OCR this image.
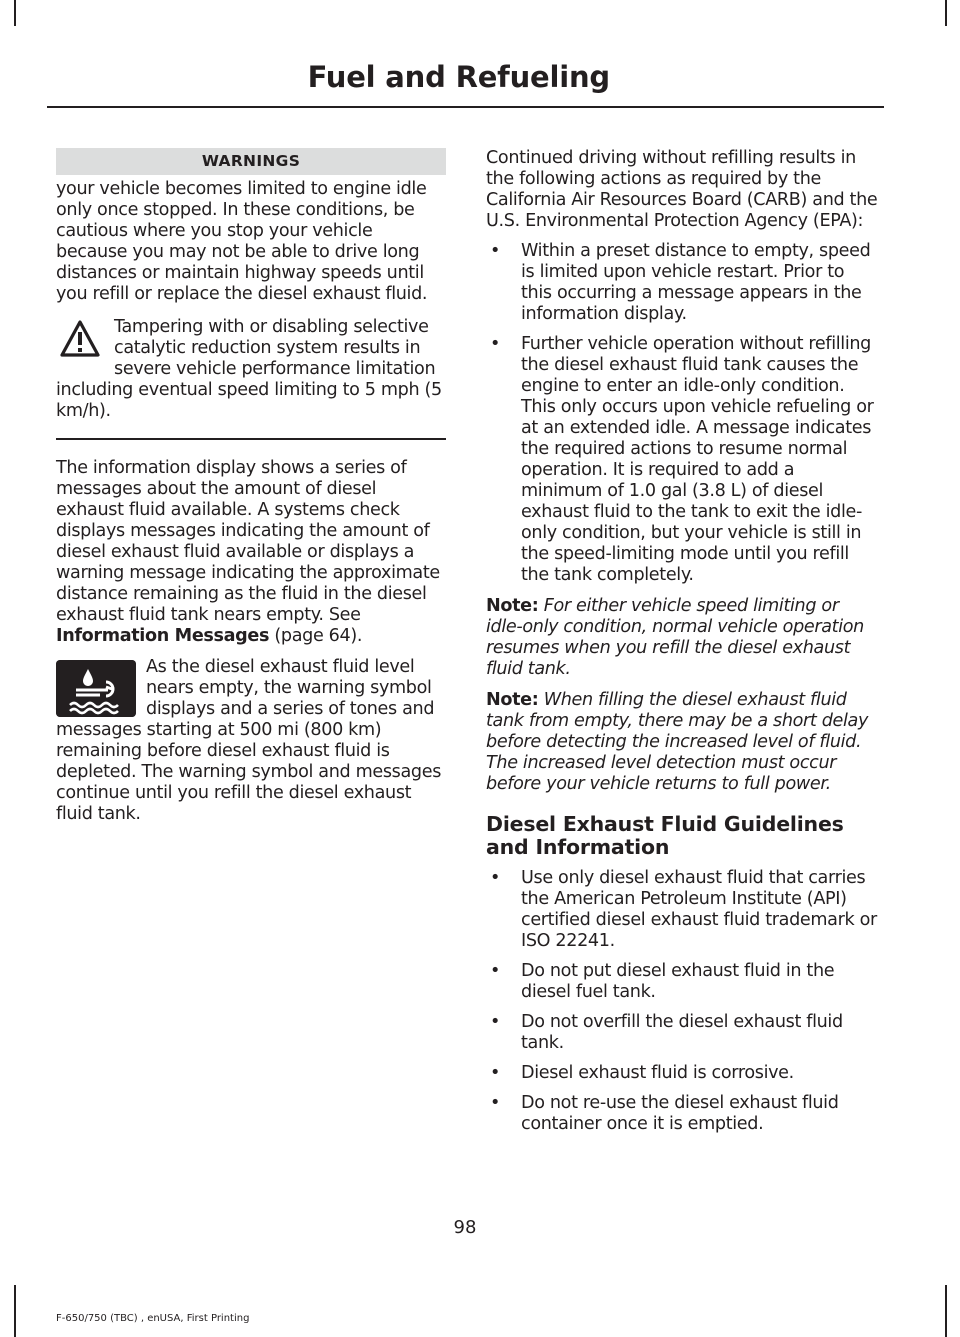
Fuel and Refueling
WARNINGS

your vehicle becomes limited to engine idle only once stopped. In these conditions, be cautious where you stop your vehicle because you may not be able to drive long distances or maintain highway speeds until you refill or replace the diesel exhaust fluid.

Tampering with or disabling selective catalytic reduction system results in severe vehicle performance limitation including eventual speed limiting to 5 mph (5 km/h).

The information display shows a series of messages about the amount of diesel exhaust fluid available. A systems check displays messages indicating the amount of diesel exhaust fluid available or displays a warning message indicating the approximate distance remaining as the fluid in the diesel exhaust fluid tank nears empty. See Information Messages (page 64).

As the diesel exhaust fluid level nears empty, the warning symbol displays and a series of tones and messages starting at 500 mi (800 km) remaining before diesel exhaust fluid is depleted. The warning symbol and messages continue until you refill the diesel exhaust fluid tank.

Continued driving without refilling results in the following actions as required by the California Air Resources Board (CARB) and the U.S. Environmental Protection Agency (EPA):

• Within a preset distance to empty, speed is limited upon vehicle restart. Prior to this occurring a message appears in the information display.

• Further vehicle operation without refilling the diesel exhaust fluid tank causes the engine to enter an idle-only condition. This only occurs upon vehicle refueling or at an extended idle. A message indicates the required actions to resume normal operation. It is required to add a minimum of 1.0 gal (3.8 L) of diesel exhaust fluid to the tank to exit the idle-only condition, but your vehicle is still in the speed-limiting mode until you refill the tank completely.

Note: For either vehicle speed limiting or idle-only condition, normal vehicle operation resumes when you refill the diesel exhaust fluid tank.

Note: When filling the diesel exhaust fluid tank from empty, there may be a short delay before detecting the increased level of fluid. The increased level detection must occur before your vehicle returns to full power.

Diesel Exhaust Fluid Guidelines and Information
• Use only diesel exhaust fluid that carries the American Petroleum Institute (API) certified diesel exhaust fluid trademark or ISO 22241.

• Do not put diesel exhaust fluid in the diesel fuel tank.

• Do not overfill the diesel exhaust fluid tank.

• Diesel exhaust fluid is corrosive.

• Do not re-use the diesel exhaust fluid container once it is emptied.

98
F-650/750 (TBC) , enUSA, First Printing
